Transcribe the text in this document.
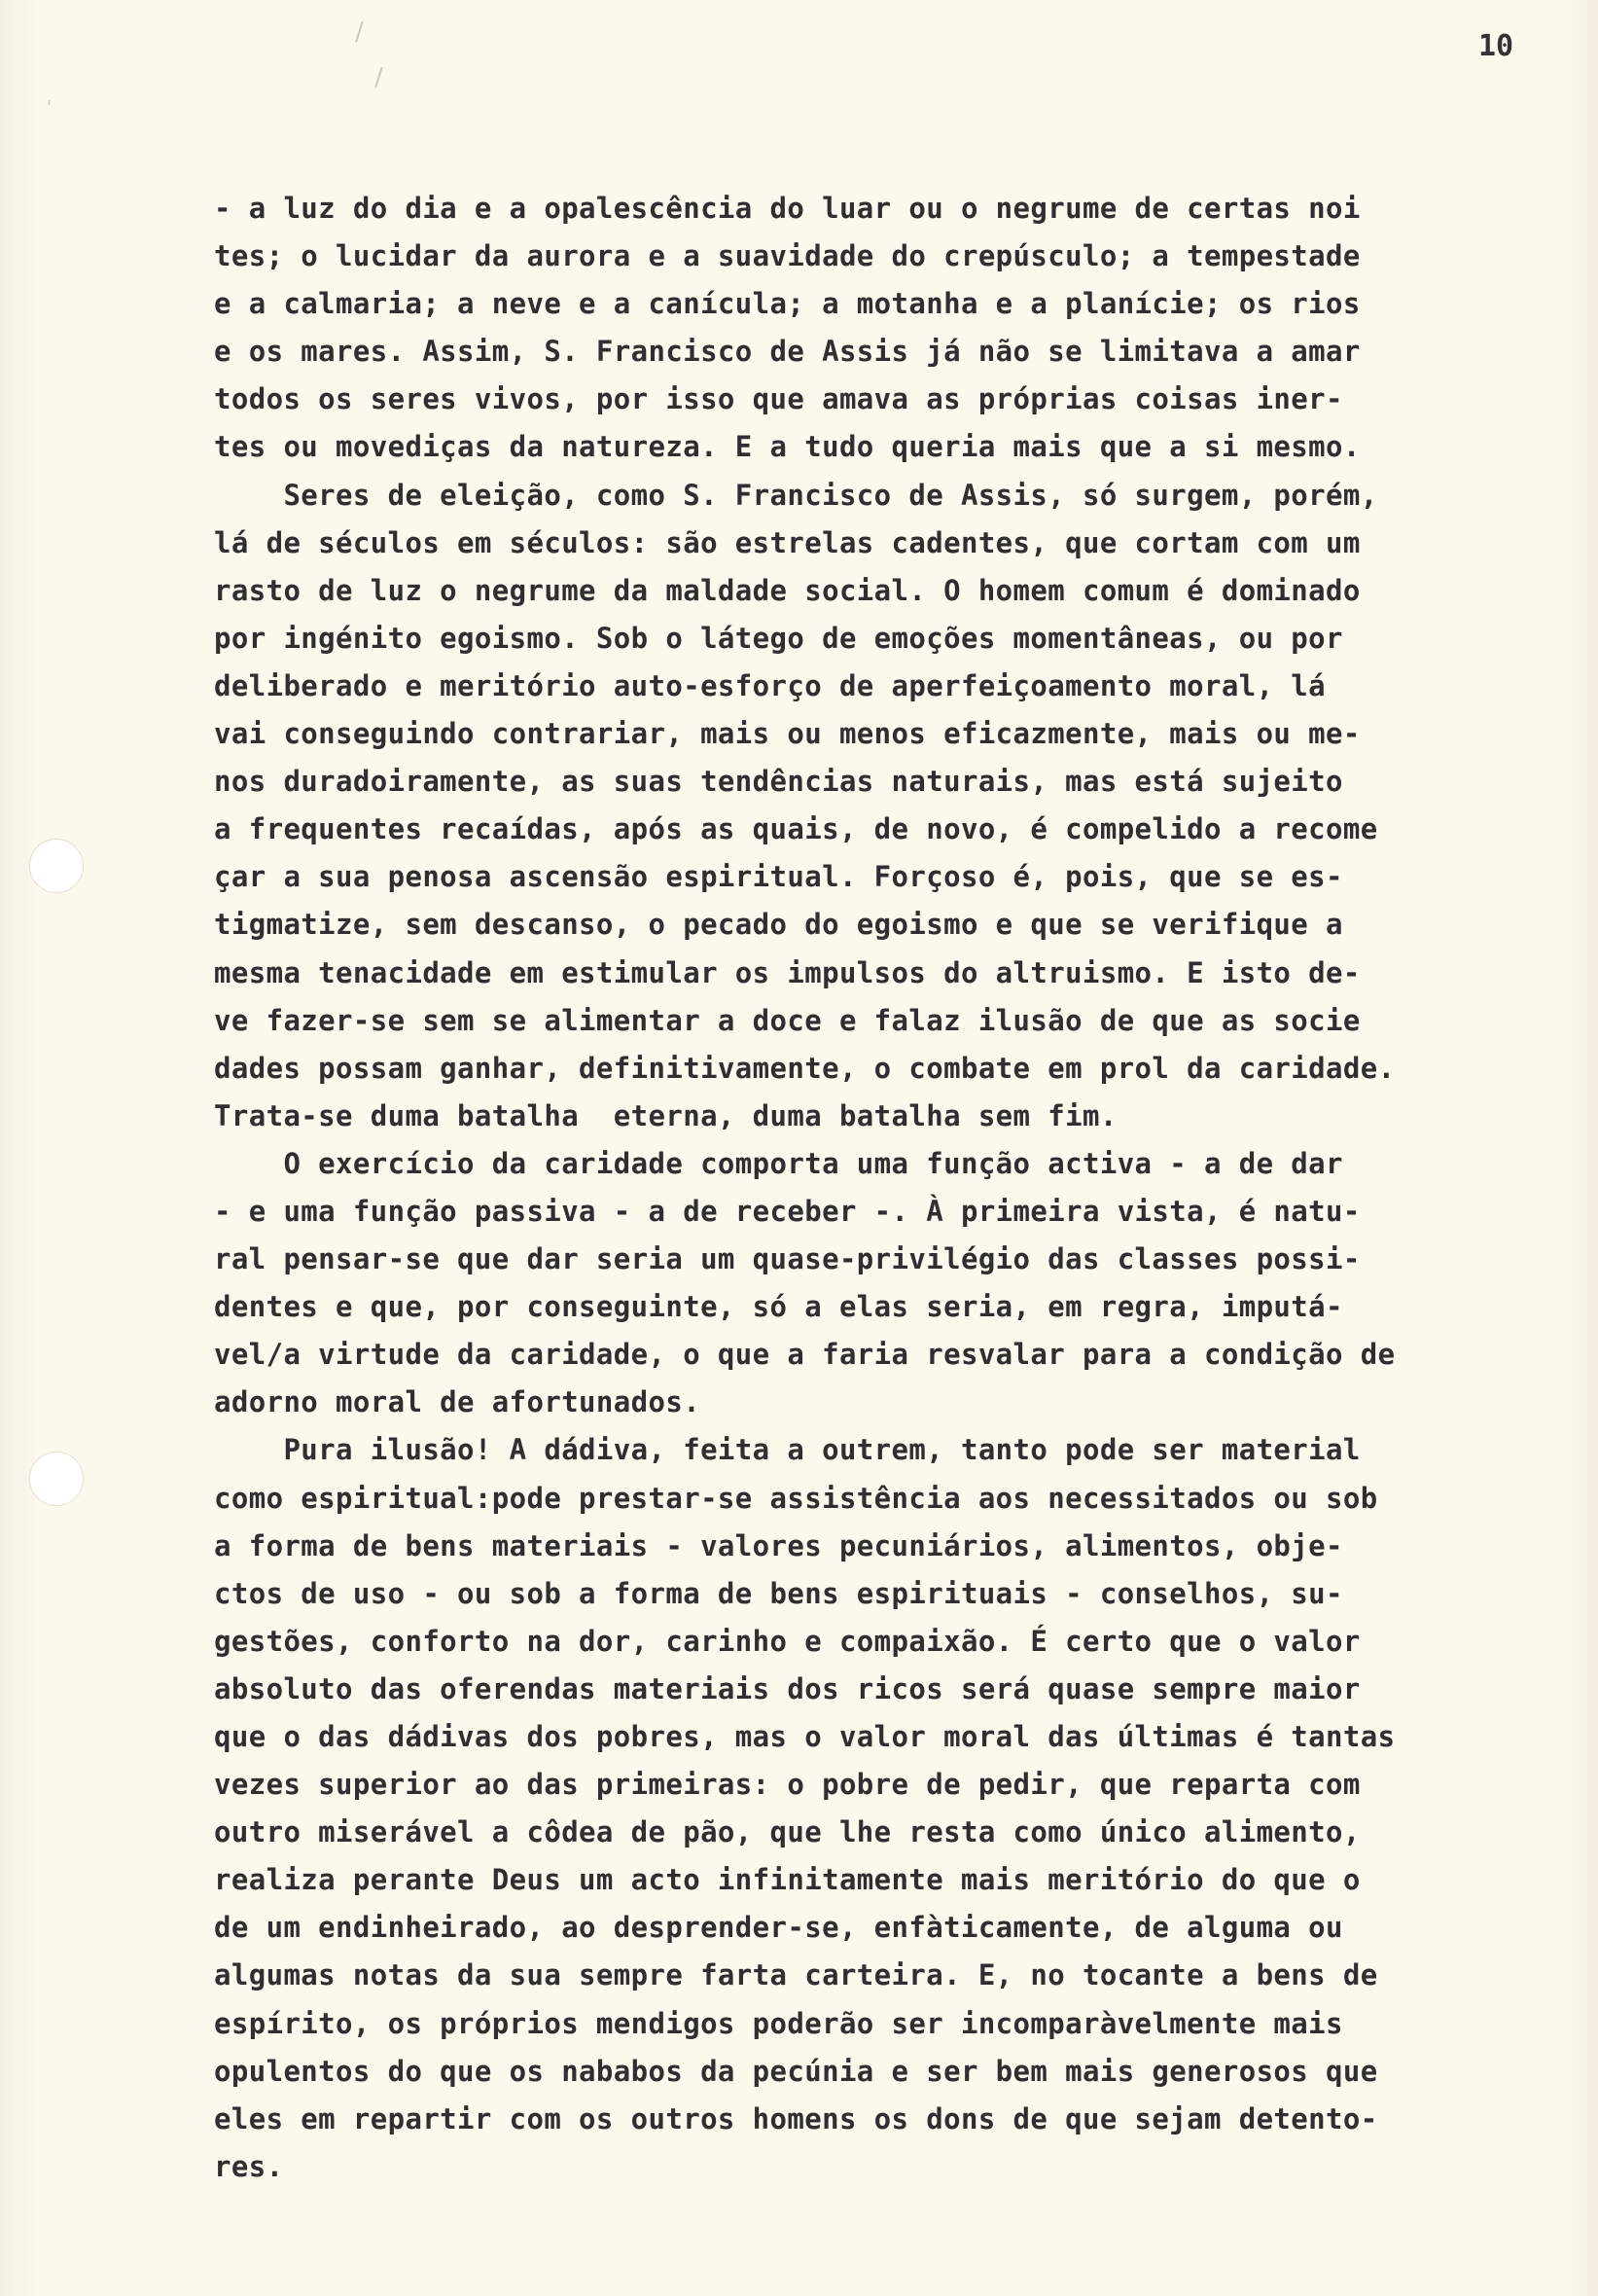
/
/
'
10
- a luz do dia e a opalescência do luar ou o negrume de certas noi
tes; o lucidar da aurora e a suavidade do crepúsculo; a tempestade
e a calmaria; a neve e a canícula; a motanha e a planície; os rios
e os mares. Assim, S. Francisco de Assis já não se limitava a amar
todos os seres vivos, por isso que amava as próprias coisas iner-
tes ou movediças da natureza. E a tudo queria mais que a si mesmo.
Seres de eleição, como S. Francisco de Assis, só surgem, porém,
lá de séculos em séculos: são estrelas cadentes, que cortam com um
rasto de luz o negrume da maldade social. O homem comum é dominado
por ingénito egoismo. Sob o látego de emoções momentâneas, ou por
deliberado e meritório auto-esforço de aperfeiçoamento moral, lá
vai conseguindo contrariar, mais ou menos eficazmente, mais ou me-
nos duradoiramente, as suas tendências naturais, mas está sujeito
a frequentes recaídas, após as quais, de novo, é compelido a recome
çar a sua penosa ascensão espiritual. Forçoso é, pois, que se es-
tigmatize, sem descanso, o pecado do egoismo e que se verifique a
mesma tenacidade em estimular os impulsos do altruismo. E isto de-
ve fazer-se sem se alimentar a doce e falaz ilusão de que as socie
dades possam ganhar, definitivamente, o combate em prol da caridade.
Trata-se duma batalha  eterna, duma batalha sem fim.
O exercício da caridade comporta uma função activa - a de dar
- e uma função passiva - a de receber -. À primeira vista, é natu-
ral pensar-se que dar seria um quase-privilégio das classes possi-
dentes e que, por conseguinte, só a elas seria, em regra, imputá-
vel/a virtude da caridade, o que a faria resvalar para a condição de
adorno moral de afortunados.
Pura ilusão! A dádiva, feita a outrem, tanto pode ser material
como espiritual:pode prestar-se assistência aos necessitados ou sob
a forma de bens materiais - valores pecuniários, alimentos, obje-
ctos de uso - ou sob a forma de bens espirituais - conselhos, su-
gestões, conforto na dor, carinho e compaixão. É certo que o valor
absoluto das oferendas materiais dos ricos será quase sempre maior
que o das dádivas dos pobres, mas o valor moral das últimas é tantas
vezes superior ao das primeiras: o pobre de pedir, que reparta com
outro miserável a côdea de pão, que lhe resta como único alimento,
realiza perante Deus um acto infinitamente mais meritório do que o
de um endinheirado, ao desprender-se, enfàticamente, de alguma ou
algumas notas da sua sempre farta carteira. E, no tocante a bens de
espírito, os próprios mendigos poderão ser incomparàvelmente mais
opulentos do que os nababos da pecúnia e ser bem mais generosos que
eles em repartir com os outros homens os dons de que sejam detento-
res.
